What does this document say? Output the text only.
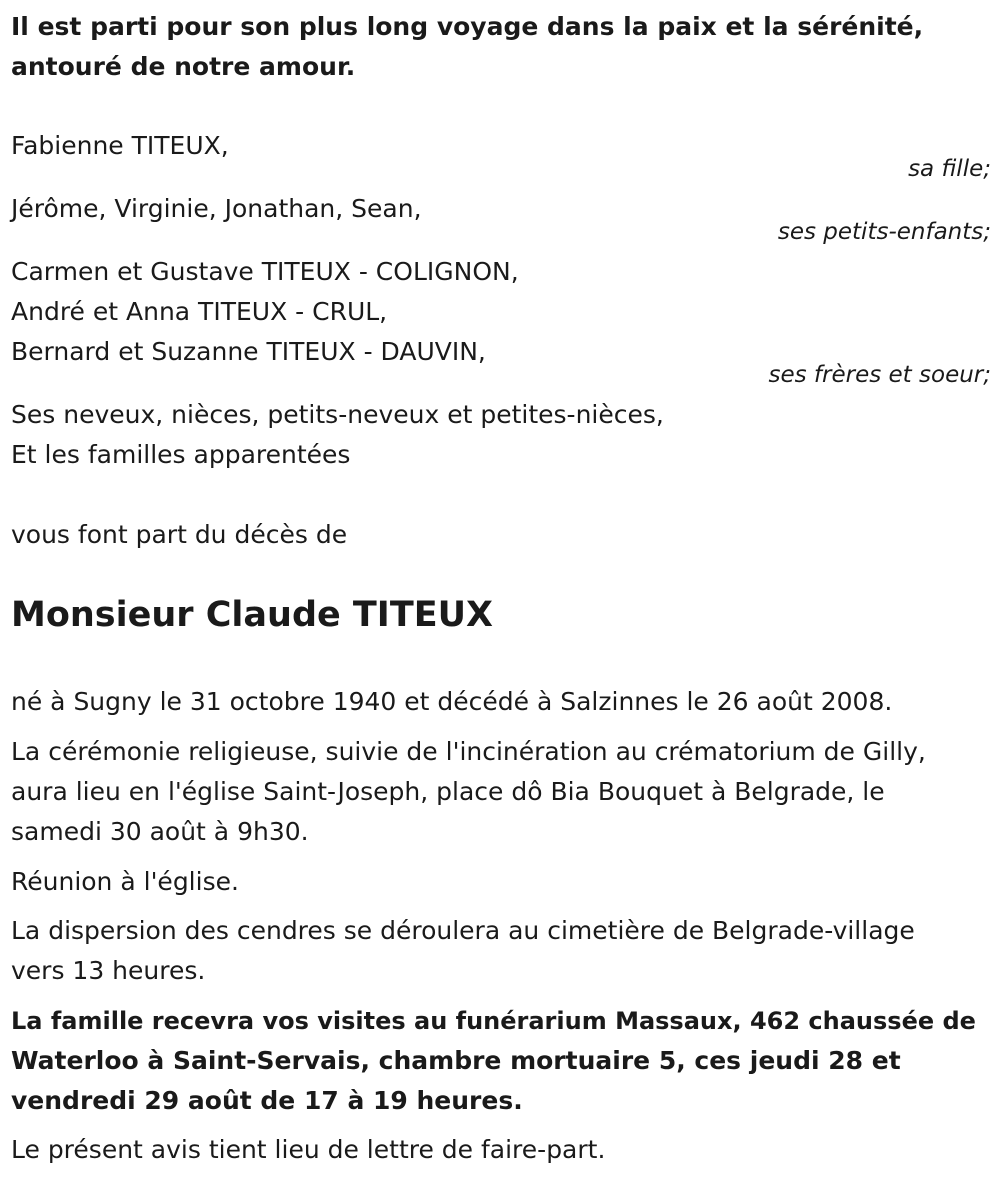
Il est parti pour son plus long voyage dans la paix et la sérénité,
antouré de notre amour.
Fabienne TITEUX,
sa fille;
Jérôme, Virginie, Jonathan, Sean,
ses petits-enfants;
Carmen et Gustave TITEUX - COLIGNON,
André et Anna TITEUX - CRUL,
Bernard et Suzanne TITEUX - DAUVIN,
ses frères et soeur;
Ses neveux, nièces, petits-neveux et petites-nièces,
Et les familles apparentées
vous font part du décès de
Monsieur Claude TITEUX
né à Sugny le 31 octobre 1940 et décédé à Salzinnes le 26 août 2008.
La cérémonie religieuse, suivie de l'incinération au crématorium de Gilly,
aura lieu en l'église Saint-Joseph, place dô Bia Bouquet à Belgrade, le
samedi 30 août à 9h30.
Réunion à l'église.
La dispersion des cendres se déroulera au cimetière de Belgrade-village
vers 13 heures.
La famille recevra vos visites au funérarium Massaux, 462 chaussée de
Waterloo à Saint-Servais, chambre mortuaire 5, ces jeudi 28 et
vendredi 29 août de 17 à 19 heures.
Le présent avis tient lieu de lettre de faire-part.
